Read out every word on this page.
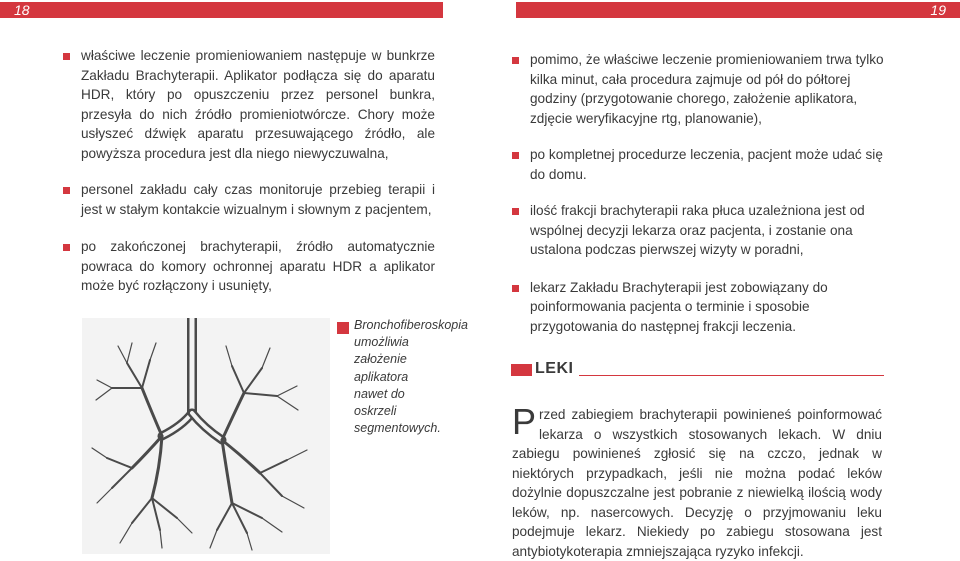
18	19
właściwe leczenie promieniowaniem następuje w bunkrze Zakładu Brachyterapii. Aplikator podłącza się do aparatu HDR, który po opuszczeniu przez personel bunkra, przesyła do nich źródło promieniotwórcze. Chory może usłyszeć dźwięk aparatu przesuwającego źródło, ale powyższa procedura jest dla niego niewyczuwalna,
personel zakładu cały czas monitoruje przebieg terapii i jest w stałym kontakcie wizualnym i słownym z pacjentem,
po zakończonej brachyterapii, źródło automatycznie powraca do komory ochronnej aparatu HDR a aplikator może być rozłączony i usunięty,
Bronchofiberoskopia umożliwia założenie aplikatora nawet do oskrzeli segmentowych.
pomimo, że właściwe leczenie promieniowaniem trwa tylko kilka minut, cała procedura zajmuje od pół do półtorej godziny (przygotowanie chorego, założenie aplikatora, zdjęcie weryfikacyjne rtg, planowanie),
po kompletnej procedurze leczenia, pacjent może udać się do domu.
ilość frakcji brachyterapii raka płuca uzależniona jest od wspólnej decyzji lekarza oraz pacjenta, i zostanie ona ustalona podczas pierwszej wizyty w poradni,
lekarz Zakładu Brachyterapii jest zobowiązany do poinformowania pacjenta o terminie i sposobie przygotowania do następnej frakcji leczenia.
LEKI

Przed zabiegiem brachyterapii powinieneś poinformować lekarza o wszystkich stosowanych lekach. W dniu zabiegu powinieneś zgłosić się na czczo, jednak w niektórych przypadkach, jeśli nie można podać leków dożylnie dopuszczalne jest pobranie z niewielką ilością wody leków, np. nasercowych. Decyzję o przyjmowaniu leku podejmuje lekarz. Niekiedy po zabiegu stosowana jest antybiotykoterapia zmniejszająca ryzyko infekcji.
